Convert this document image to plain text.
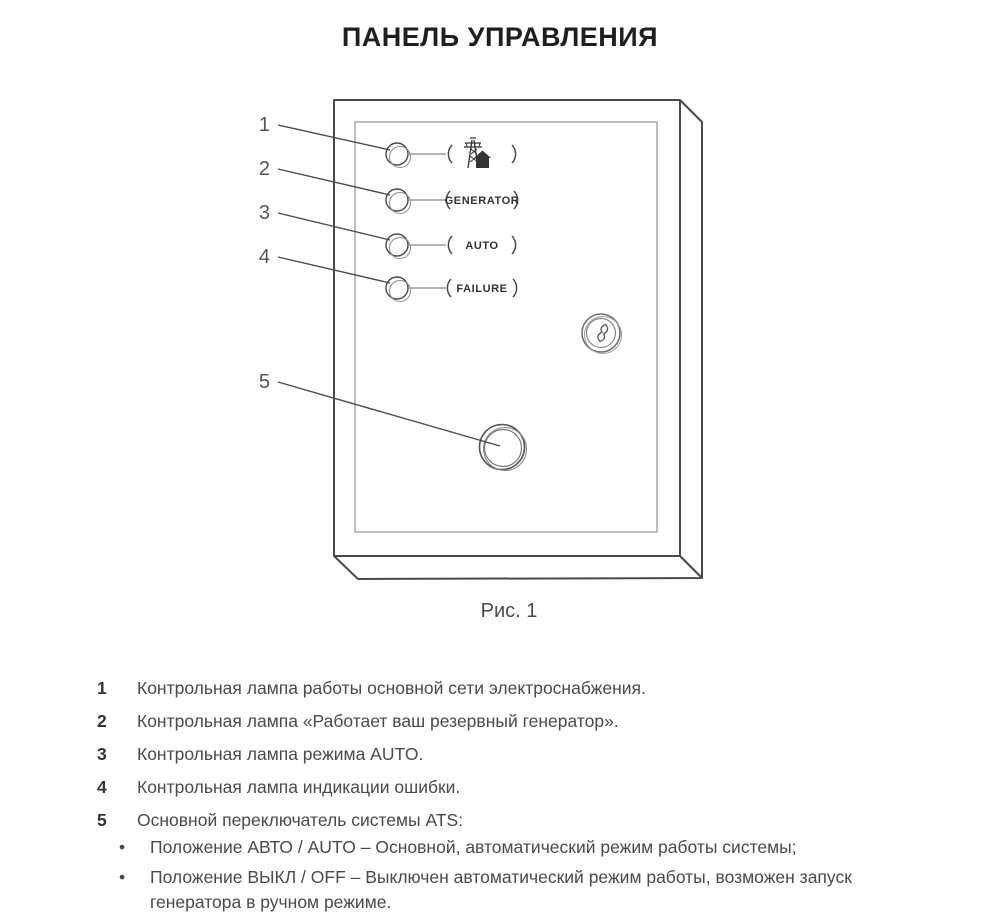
ПАНЕЛЬ УПРАВЛЕНИЯ
GENERATOR
AUTO
FAILURE
1
2
3
4
5
Рис. 1
1	Контрольная лампа работы основной сети электроснабжения.
2	Контрольная лампа «Работает ваш резервный генератор».
3	Контрольная лампа режима AUTO.
4	Контрольная лампа индикации ошибки.
5	Основной переключатель системы ATS:
•	Положение АВТО / AUTO – Основной, автоматический режим работы системы;
•	Положение ВЫКЛ / OFF – Выключен автоматический режим работы, возможен запуск генератора в ручном режиме.
